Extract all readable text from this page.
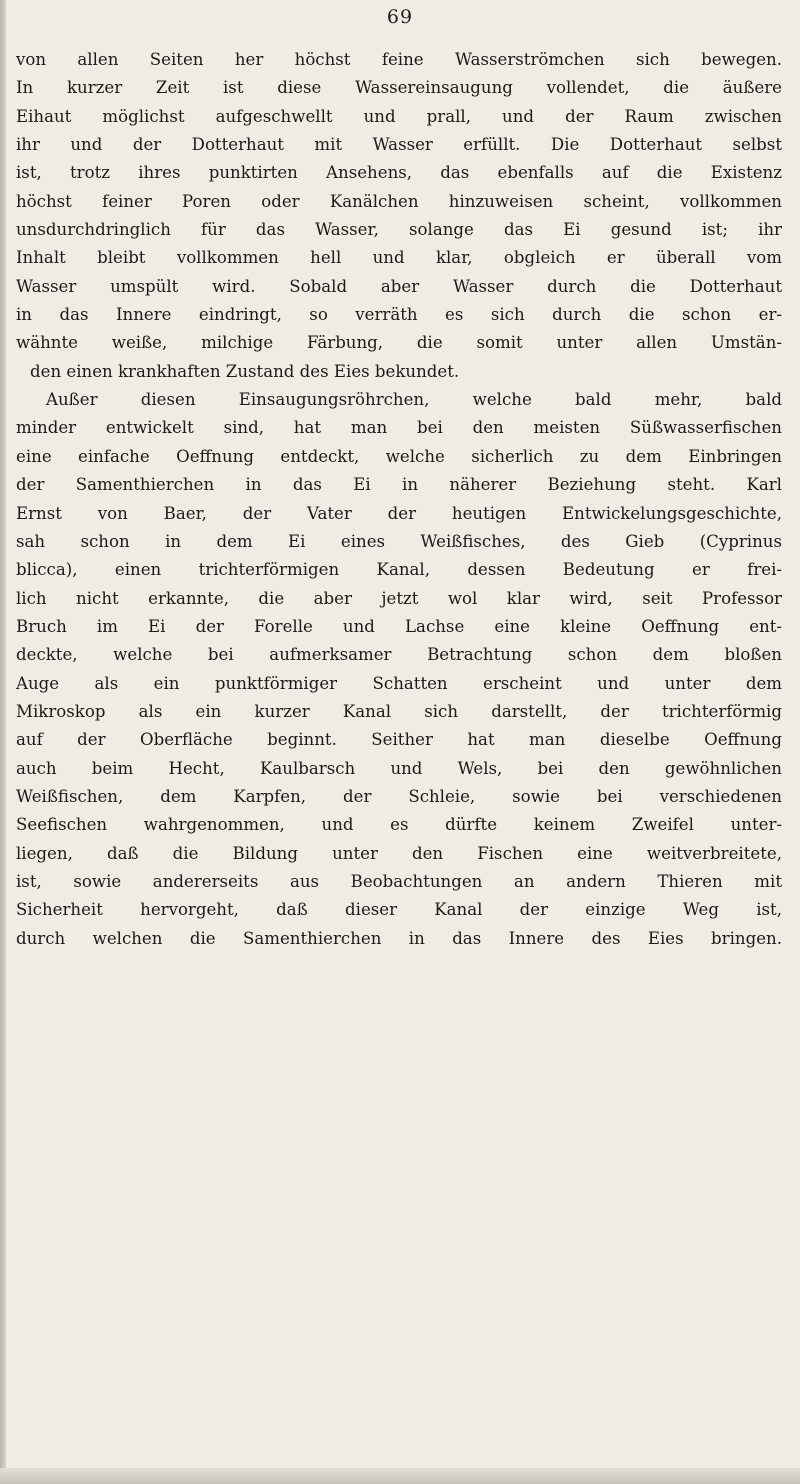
69
von allen Seiten her höchst feine Wasserströmchen sich bewegen.
In kurzer Zeit ist diese Wassereinsaugung vollendet, die äußere
Eihaut möglichst aufgeschwellt und prall, und der Raum zwischen
ihr und der Dotterhaut mit Wasser erfüllt. Die Dotterhaut selbst
ist, trotz ihres punktirten Ansehens, das ebenfalls auf die Existenz
höchst feiner Poren oder Kanälchen hinzuweisen scheint, vollkommen
unsdurchdringlich für das Wasser, solange das Ei gesund ist; ihr
Inhalt bleibt vollkommen hell und klar, obgleich er überall vom
Wasser umspült wird. Sobald aber Wasser durch die Dotterhaut
in das Innere eindringt, so verräth es sich durch die schon er-
wähnte weiße, milchige Färbung, die somit unter allen Umstän-
den einen krankhaften Zustand des Eies bekundet.
Außer diesen Einsaugungsröhrchen, welche bald mehr, bald
minder entwickelt sind, hat man bei den meisten Süßwasserfischen
eine einfache Oeffnung entdeckt, welche sicherlich zu dem Einbringen
der Samenthierchen in das Ei in näherer Beziehung steht. Karl
Ernst von Baer, der Vater der heutigen Entwickelungsgeschichte,
sah schon in dem Ei eines Weißfisches, des Gieb (Cyprinus
blicca), einen trichterförmigen Kanal, dessen Bedeutung er frei-
lich nicht erkannte, die aber jetzt wol klar wird, seit Professor
Bruch im Ei der Forelle und Lachse eine kleine Oeffnung ent-
deckte, welche bei aufmerksamer Betrachtung schon dem bloßen
Auge als ein punktförmiger Schatten erscheint und unter dem
Mikroskop als ein kurzer Kanal sich darstellt, der trichterförmig
auf der Oberfläche beginnt. Seither hat man dieselbe Oeffnung
auch beim Hecht, Kaulbarsch und Wels, bei den gewöhnlichen
Weißfischen, dem Karpfen, der Schleie, sowie bei verschiedenen
Seefischen wahrgenommen, und es dürfte keinem Zweifel unter-
liegen, daß die Bildung unter den Fischen eine weitverbreitete,
ist, sowie andererseits aus Beobachtungen an andern Thieren mit
Sicherheit hervorgeht, daß dieser Kanal der einzige Weg ist,
durch welchen die Samenthierchen in das Innere des Eies bringen.
